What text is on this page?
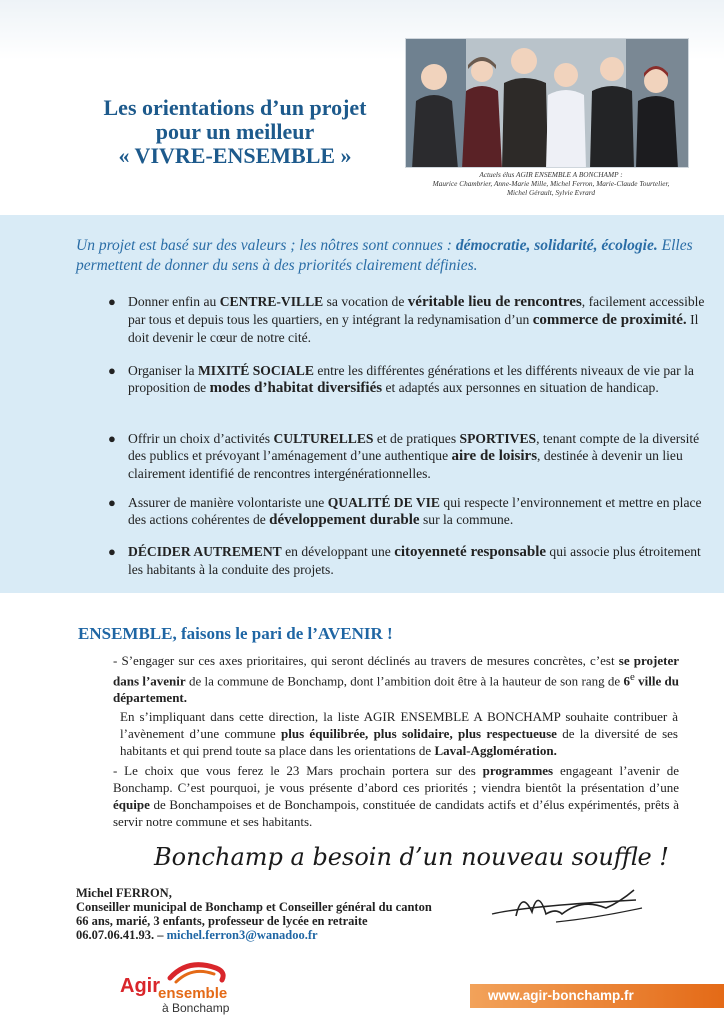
Les orientations d’un projet
pour un meilleur
« VIVRE-ENSEMBLE »
Actuels élus AGIR ENSEMBLE A BONCHAMP :
Maurice Chambrier, Anne-Marie Mille, Michel Ferron, Marie-Claude Tourtelier,
Michel Gérault, Sylvie Evrard

Un projet est basé sur des valeurs ; les nôtres sont connues : démocratie, solidarité, écologie. Elles permettent de donner du sens à des priorités clairement définies.

● Donner enfin au CENTRE-VILLE sa vocation de véritable lieu de rencontres, facilement accessible par tous et depuis tous les quartiers, en y intégrant la redynamisation d’un commerce de proximité. Il doit devenir le cœur de notre cité.
● Organiser la MIXITÉ SOCIALE entre les différentes générations et les différents niveaux de vie par la proposition de modes d’habitat diversifiés et adaptés aux personnes en situation de handicap.
● Offrir un choix d’activités CULTURELLES et de pratiques SPORTIVES, tenant compte de la diversité des publics et prévoyant l’aménagement d’une authentique aire de loisirs, destinée à devenir un lieu clairement identifié de rencontres intergénérationnelles.
● Assurer de manière volontariste une QUALITÉ DE VIE qui respecte l’environnement et mettre en place des actions cohérentes de développement durable sur la commune.
● DÉCIDER AUTREMENT en développant une citoyenneté responsable qui associe plus étroitement les habitants à la conduite des projets.
ENSEMBLE, faisons le pari de l’AVENIR !

- S’engager sur ces axes prioritaires, qui seront déclinés au travers de mesures concrètes, c’est se projeter dans l’avenir de la commune de Bonchamp, dont l’ambition doit être à la hauteur de son rang de 6e ville du département.

En s’impliquant dans cette direction, la liste AGIR ENSEMBLE A BONCHAMP souhaite contribuer à l’avènement d’une commune plus équilibrée, plus solidaire, plus respectueuse de la diversité de ses habitants et qui prend toute sa place dans les orientations de Laval-Agglomération.

- Le choix que vous ferez le 23 Mars prochain portera sur des programmes engageant l’avenir de Bonchamp. C’est pourquoi, je vous présente d’abord ces priorités ; viendra bientôt la présentation d’une équipe de Bonchampoises et de Bonchampois, constituée de candidats actifs et d’élus expérimentés, prêts à servir notre commune et ses habitants.

Bonchamp a besoin d’un nouveau souffle !
Michel FERRON,
Conseiller municipal de Bonchamp et Conseiller général du canton
66 ans, marié, 3 enfants, professeur de lycée en retraite
06.07.06.41.93. – michel.ferron3@wanadoo.fr
Agir
ensemble
à Bonchamp
www.agir-bonchamp.fr
